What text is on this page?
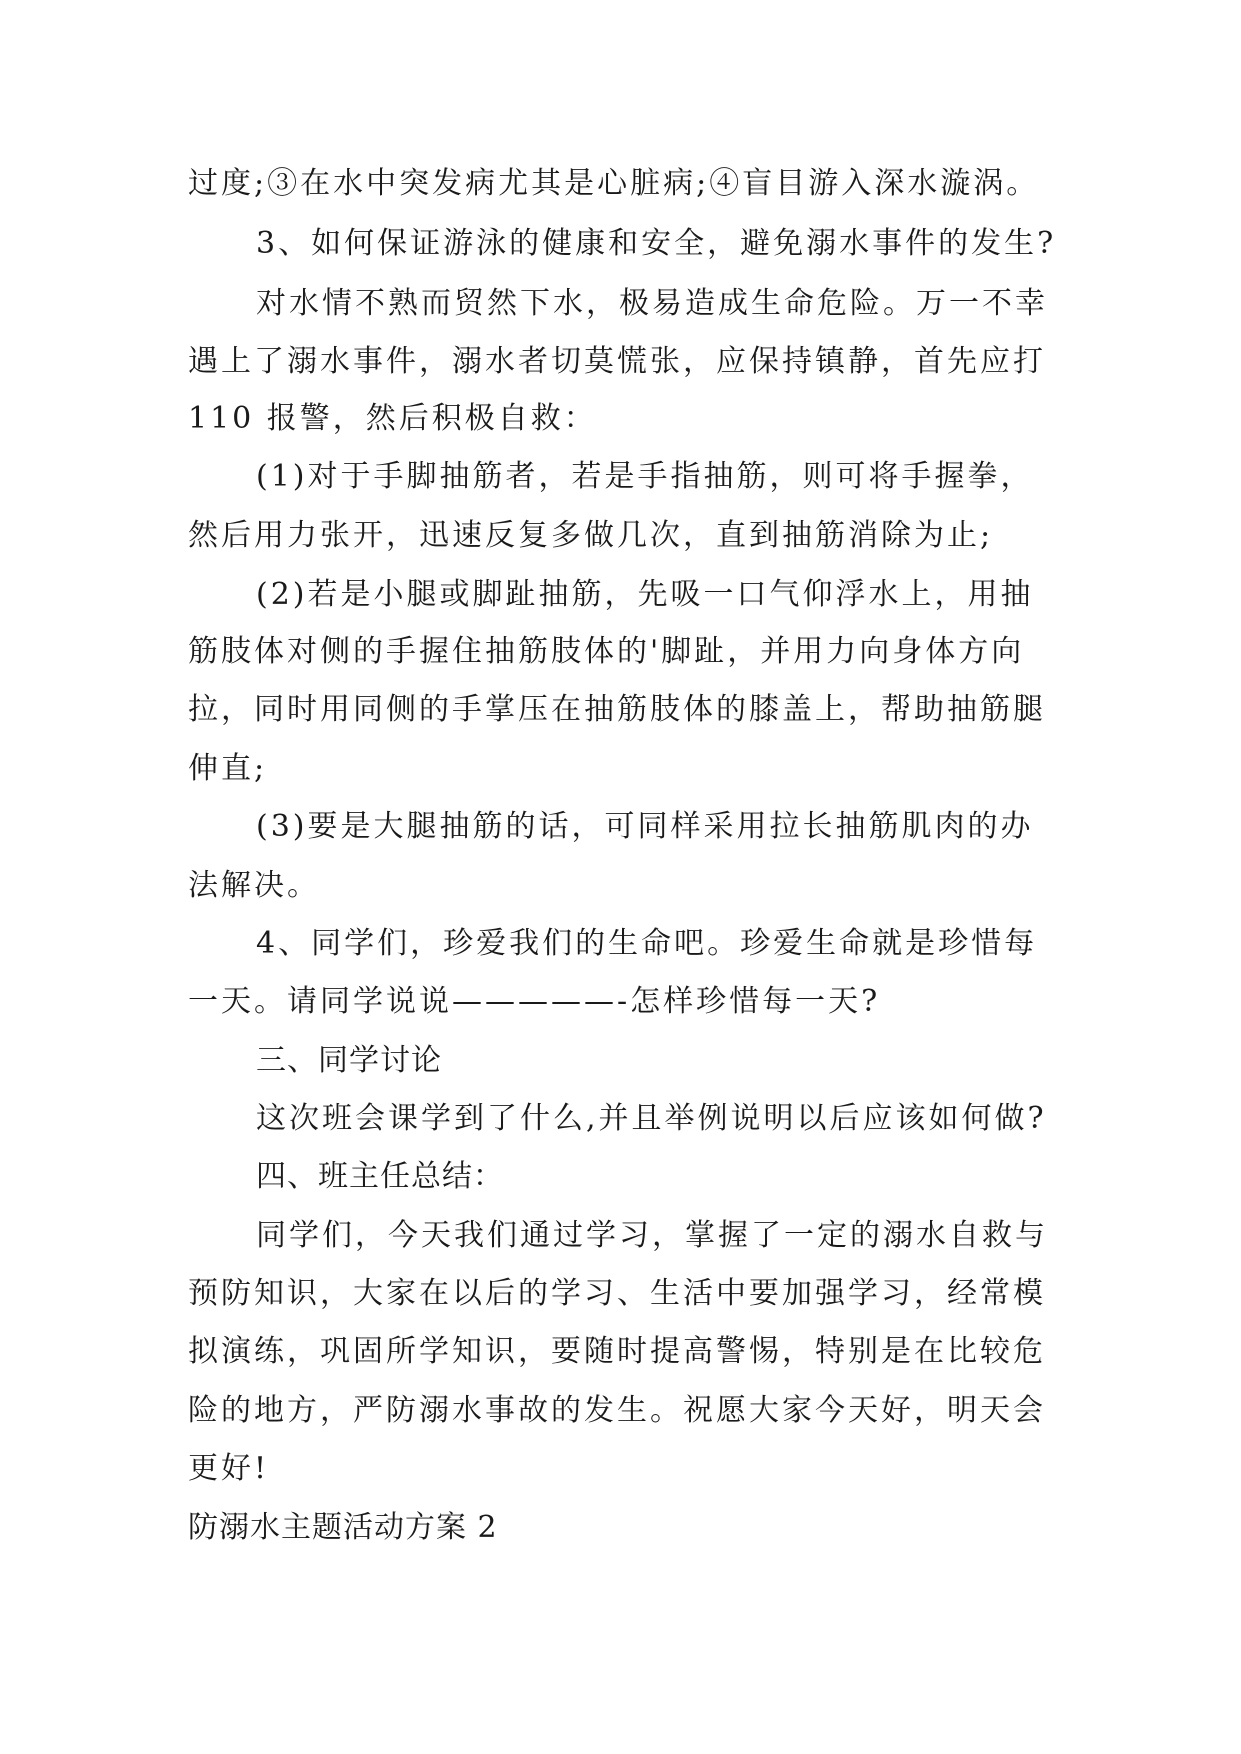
过度;③在水中突发病尤其是心脏病;④盲目游入深水漩涡。
3、如何保证游泳的健康和安全，避免溺水事件的发生?
对水情不熟而贸然下水，极易造成生命危险。万一不幸
遇上了溺水事件，溺水者切莫慌张，应保持镇静，首先应打
110 报警，然后积极自救：
(1)对于手脚抽筋者，若是手指抽筋，则可将手握拳，
然后用力张开，迅速反复多做几次，直到抽筋消除为止;
(2)若是小腿或脚趾抽筋，先吸一口气仰浮水上，用抽
筋肢体对侧的手握住抽筋肢体的'脚趾，并用力向身体方向
拉，同时用同侧的手掌压在抽筋肢体的膝盖上，帮助抽筋腿
伸直;
(3)要是大腿抽筋的话，可同样采用拉长抽筋肌肉的办
法解决。
4、同学们，珍爱我们的生命吧。珍爱生命就是珍惜每
一天。请同学说说—————-怎样珍惜每一天?
三、同学讨论
这次班会课学到了什么,并且举例说明以后应该如何做?
四、班主任总结：
同学们，今天我们通过学习，掌握了一定的溺水自救与
预防知识，大家在以后的学习、生活中要加强学习，经常模
拟演练，巩固所学知识，要随时提高警惕，特别是在比较危
险的地方，严防溺水事故的发生。祝愿大家今天好，明天会
更好!
防溺水主题活动方案 2
